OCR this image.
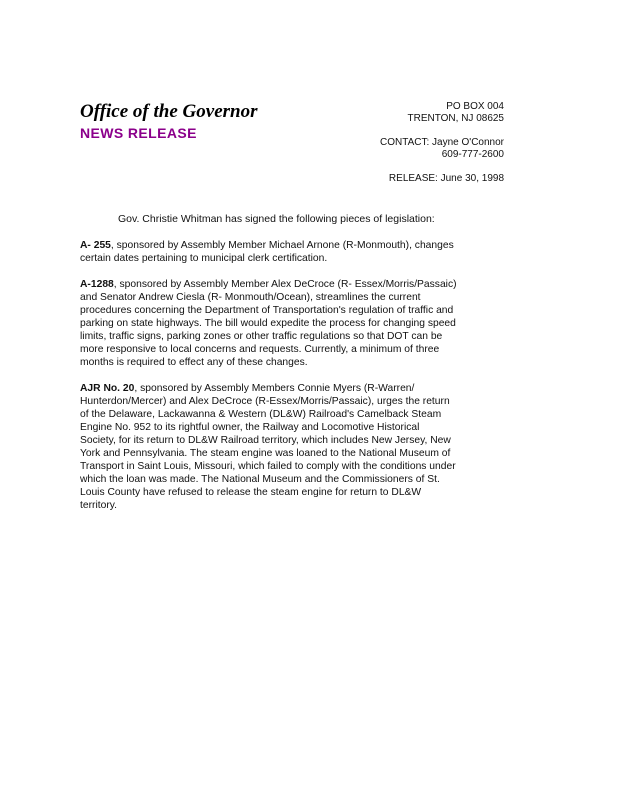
Office of the Governor
NEWS RELEASE
PO BOX 004
TRENTON, NJ 08625
CONTACT: Jayne O'Connor
609-777-2600
RELEASE: June 30, 1998
Gov. Christie Whitman has signed the following pieces of legislation:

A- 255, sponsored by Assembly Member Michael Arnone (R-Monmouth), changes
certain dates pertaining to municipal clerk certification.

A-1288, sponsored by Assembly Member Alex DeCroce (R- Essex/Morris/Passaic)
and Senator Andrew Ciesla (R- Monmouth/Ocean), streamlines the current
procedures concerning the Department of Transportation's regulation of traffic and
parking on state highways. The bill would expedite the process for changing speed
limits, traffic signs, parking zones or other traffic regulations so that DOT can be
more responsive to local concerns and requests. Currently, a minimum of three
months is required to effect any of these changes.

AJR No. 20, sponsored by Assembly Members Connie Myers (R-Warren/
Hunterdon/Mercer) and Alex DeCroce (R-Essex/Morris/Passaic), urges the return
of the Delaware, Lackawanna & Western (DL&W) Railroad's Camelback Steam
Engine No. 952 to its rightful owner, the Railway and Locomotive Historical
Society, for its return to DL&W Railroad territory, which includes New Jersey, New
York and Pennsylvania. The steam engine was loaned to the National Museum of
Transport in Saint Louis, Missouri, which failed to comply with the conditions under
which the loan was made. The National Museum and the Commissioners of St.
Louis County have refused to release the steam engine for return to DL&W
territory.
